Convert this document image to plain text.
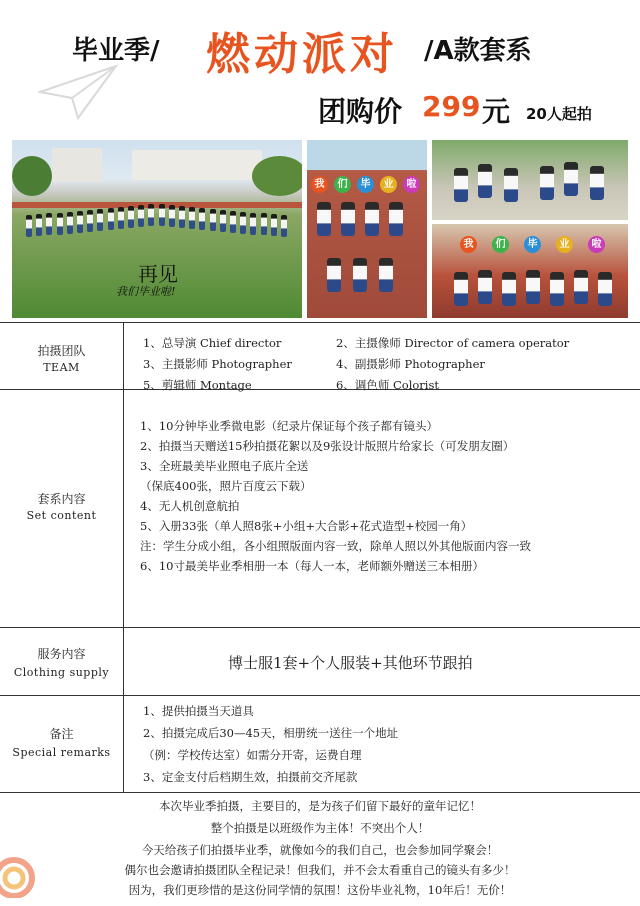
毕业季/ 燃动派对 /A款套系
团购价 299 元 20人起拍
再见
我们毕业啦!
我	们	毕	业	啦
我	们	毕	业	啦
拍摄团队
TEAM
1、总导演 Chief director	2、主摄像师 Director of camera operator
3、主摄影师 Photographer	4、副摄影师 Photographer
5、剪辑师 Montage	6、调色师 Colorist
套系内容
Set content
1、10分钟毕业季微电影（纪录片保证每个孩子都有镜头）
2、拍摄当天赠送15秒拍摄花絮以及9张设计版照片给家长（可发朋友圈）
3、全班最美毕业照电子底片全送
（保底400张，照片百度云下载）
4、无人机创意航拍
5、入册33张（单人照8张+小组+大合影+花式造型+校园一角）
注：学生分成小组，各小组照版面内容一致，除单人照以外其他版面内容一致
6、10寸最美毕业季相册一本（每人一本，老师额外赠送三本相册）
服务内容
Clothing supply
博士服1套+个人服装+其他环节跟拍
备注
Special remarks
1、提供拍摄当天道具
2、拍摄完成后30—45天，相册统一送往一个地址
（例：学校传达室）如需分开寄，运费自理
3、定金支付后档期生效，拍摄前交齐尾款
本次毕业季拍摄，主要目的，是为孩子们留下最好的童年记忆！
整个拍摄是以班级作为主体！不突出个人！
今天给孩子们拍摄毕业季，就像如今的我们自己，也会参加同学聚会！
偶尔也会邀请拍摄团队全程记录！但我们，并不会太看重自己的镜头有多少！
因为，我们更珍惜的是这份同学情的氛围！这份毕业礼物，10年后！无价！
